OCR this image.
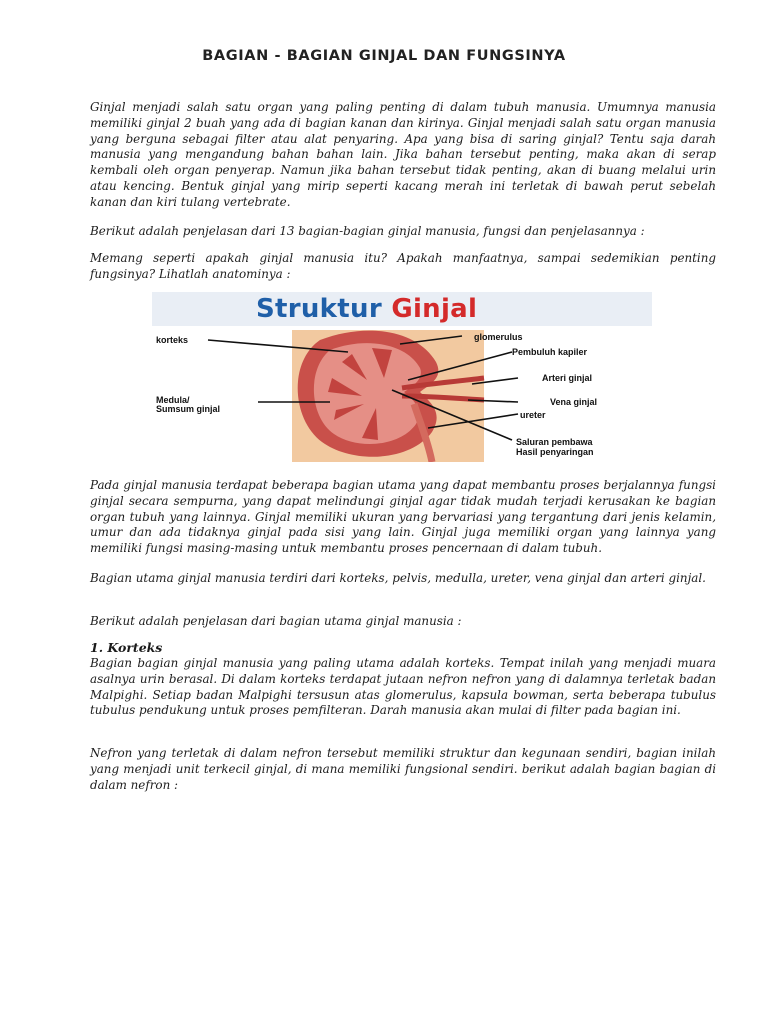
BAGIAN - BAGIAN GINJAL DAN FUNGSINYA
Ginjal menjadi salah satu organ yang paling penting di dalam tubuh manusia. Umumnya manusia memiliki ginjal 2 buah yang ada di bagian kanan dan kirinya. Ginjal menjadi salah satu organ manusia yang berguna sebagai filter atau alat penyaring. Apa yang bisa di saring ginjal? Tentu saja darah manusia yang mengandung bahan bahan lain. Jika bahan tersebut penting, maka akan di serap kembali oleh organ penyerap. Namun jika bahan tersebut tidak penting, akan di buang melalui urin atau kencing. Bentuk ginjal yang mirip seperti kacang merah ini terletak di bawah perut sebelah kanan dan kiri tulang vertebrate.
Berikut adalah penjelasan dari 13 bagian-bagian ginjal manusia, fungsi dan penjelasannya :
Memang seperti apakah ginjal manusia itu? Apakah manfaatnya, sampai sedemikian penting fungsinya? Lihatlah anatominya :
Struktur Ginjal
korteks
Medula/
Sumsum ginjal
glomerulus
Pembuluh kapiler
Arteri ginjal
Vena ginjal
ureter
Saluran pembawa
Hasil penyaringan
Pada ginjal manusia terdapat beberapa bagian utama yang dapat membantu proses berjalannya fungsi ginjal secara sempurna, yang dapat melindungi ginjal agar tidak mudah terjadi kerusakan ke bagian organ tubuh yang lainnya. Ginjal memiliki ukuran yang bervariasi yang tergantung dari jenis kelamin, umur dan ada tidaknya ginjal pada sisi yang lain. Ginjal juga memiliki organ yang lainnya yang memiliki fungsi masing-masing untuk membantu proses pencernaan di dalam tubuh.
Bagian utama ginjal manusia terdiri dari korteks, pelvis, medulla, ureter, vena ginjal dan arteri ginjal.
Berikut adalah penjelasan dari bagian utama ginjal manusia :
1. Korteks
Bagian bagian ginjal manusia yang paling utama adalah korteks. Tempat inilah yang menjadi muara asalnya urin berasal. Di dalam korteks terdapat jutaan nefron nefron yang di dalamnya terletak badan Malpighi. Setiap badan Malpighi tersusun atas glomerulus, kapsula bowman, serta beberapa tubulus tubulus pendukung untuk proses pemfilteran. Darah manusia akan mulai di filter pada bagian ini.
Nefron yang terletak di dalam nefron tersebut memiliki struktur dan kegunaan sendiri, bagian inilah yang menjadi unit terkecil ginjal, di mana memiliki fungsional sendiri. berikut adalah bagian bagian di dalam nefron :
